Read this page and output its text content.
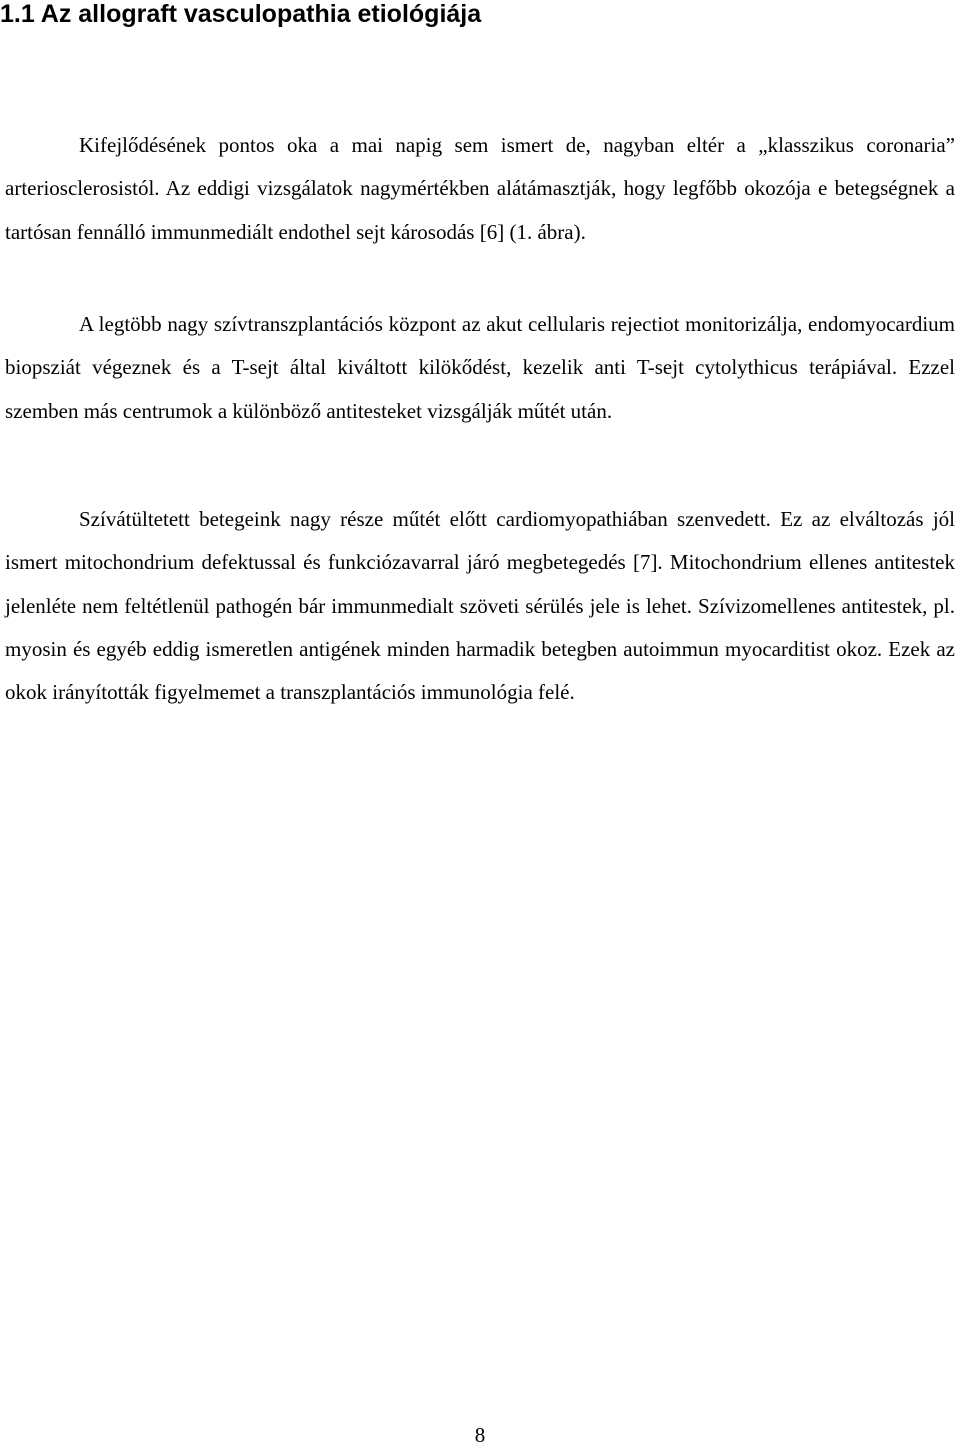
1.1 Az allograft vasculopathia etiológiája

Kifejlődésének pontos oka a mai napig sem ismert de, nagyban eltér a „klasszikus coronaria” arteriosclerosistól. Az eddigi vizsgálatok nagymértékben alátámasztják, hogy legfőbb okozója e betegségnek a tartósan fennálló immunmediált endothel sejt károsodás [6] (1. ábra).

A legtöbb nagy szívtranszplantációs központ az akut cellularis rejectiot monitorizálja, endomyocardium biopsziát végeznek és a T-sejt által kiváltott kilökődést, kezelik anti T-sejt cytolythicus terápiával. Ezzel szemben más centrumok a különböző antitesteket vizsgálják műtét után.

Szívátültetett betegeink nagy része műtét előtt cardiomyopathiában szenvedett. Ez az elváltozás jól ismert mitochondrium defektussal és funkciózavarral járó megbetegedés [7]. Mitochondrium ellenes antitestek jelenléte nem feltétlenül pathogén bár immunmedialt szöveti sérülés jele is lehet. Szívizomellenes antitestek, pl. myosin és egyéb eddig ismeretlen antigének minden harmadik betegben autoimmun myocarditist okoz. Ezek az okok irányították figyelmemet a transzplantációs immunológia felé.

8
